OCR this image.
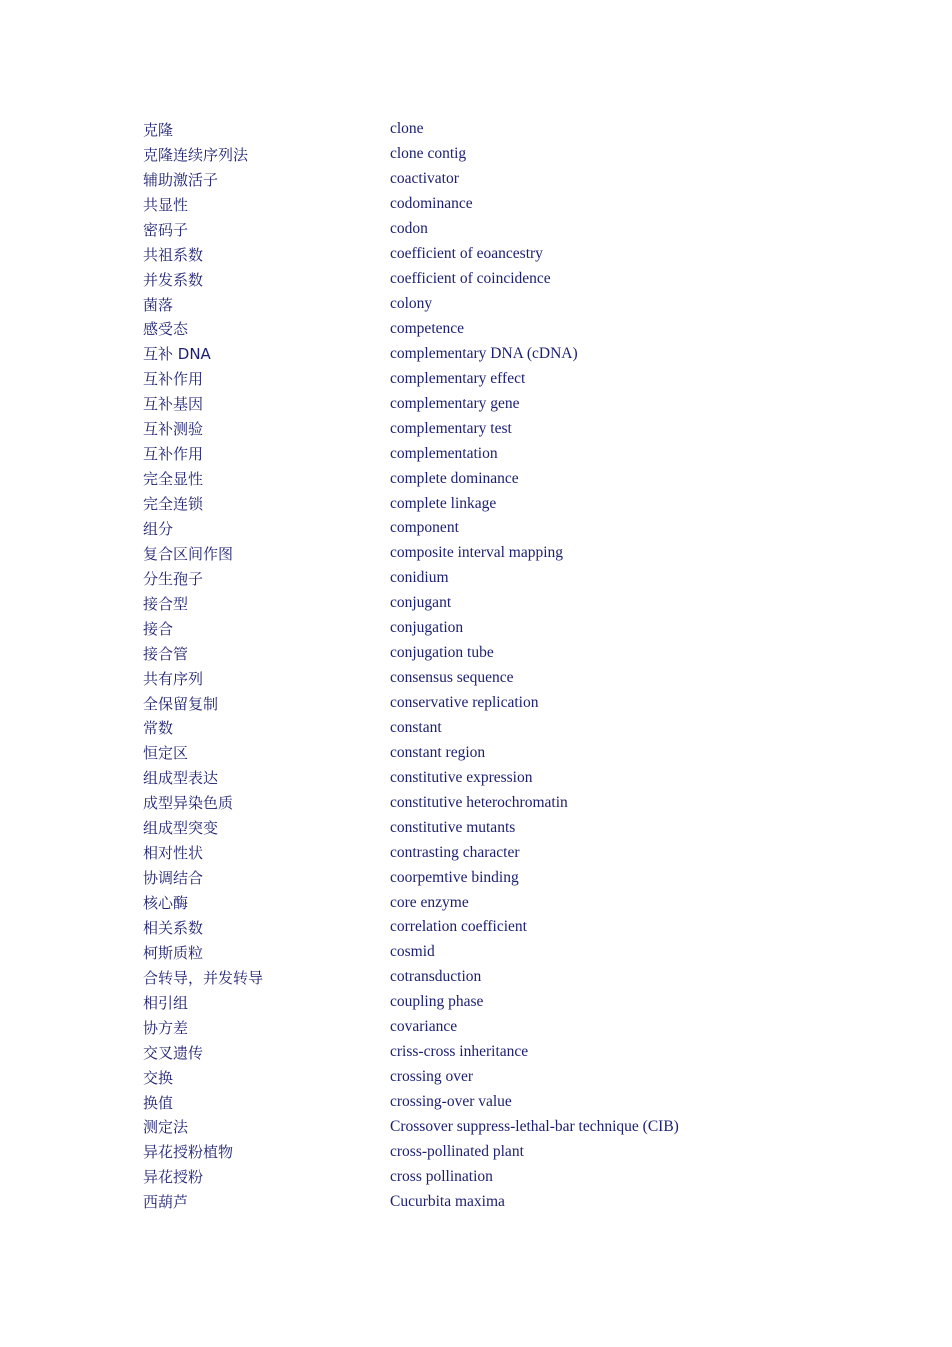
克隆	clone
克隆连续序列法	clone contig
辅助激活子	coactivator
共显性	codominance
密码子	codon
共祖系数	coefficient of eoancestry
并发系数	coefficient of coincidence
菌落	colony
感受态	competence
互补 DNA	complementary DNA (cDNA)
互补作用	complementary effect
互补基因	complementary gene
互补测验	complementary test
互补作用	complementation
完全显性	complete dominance
完全连锁	complete linkage
组分	component
复合区间作图	composite interval mapping
分生孢子	conidium
接合型	conjugant
接合	conjugation
接合管	conjugation tube
共有序列	consensus sequence
全保留复制	conservative replication
常数	constant
恒定区	constant region
组成型表达	constitutive expression
成型异染色质	constitutive heterochromatin
组成型突变	constitutive mutants
相对性状	contrasting character
协调结合	coorpemtive binding
核心酶	core enzyme
相关系数	correlation coefficient
柯斯质粒	cosmid
合转导，并发转导	cotransduction
相引组	coupling phase
协方差	covariance
交叉遗传	criss-cross inheritance
交换	crossing over
换值	crossing-over value
测定法	Crossover suppress-lethal-bar technique (CIB)
异花授粉植物	cross-pollinated plant
异花授粉	cross pollination
西葫芦	Cucurbita maxima
